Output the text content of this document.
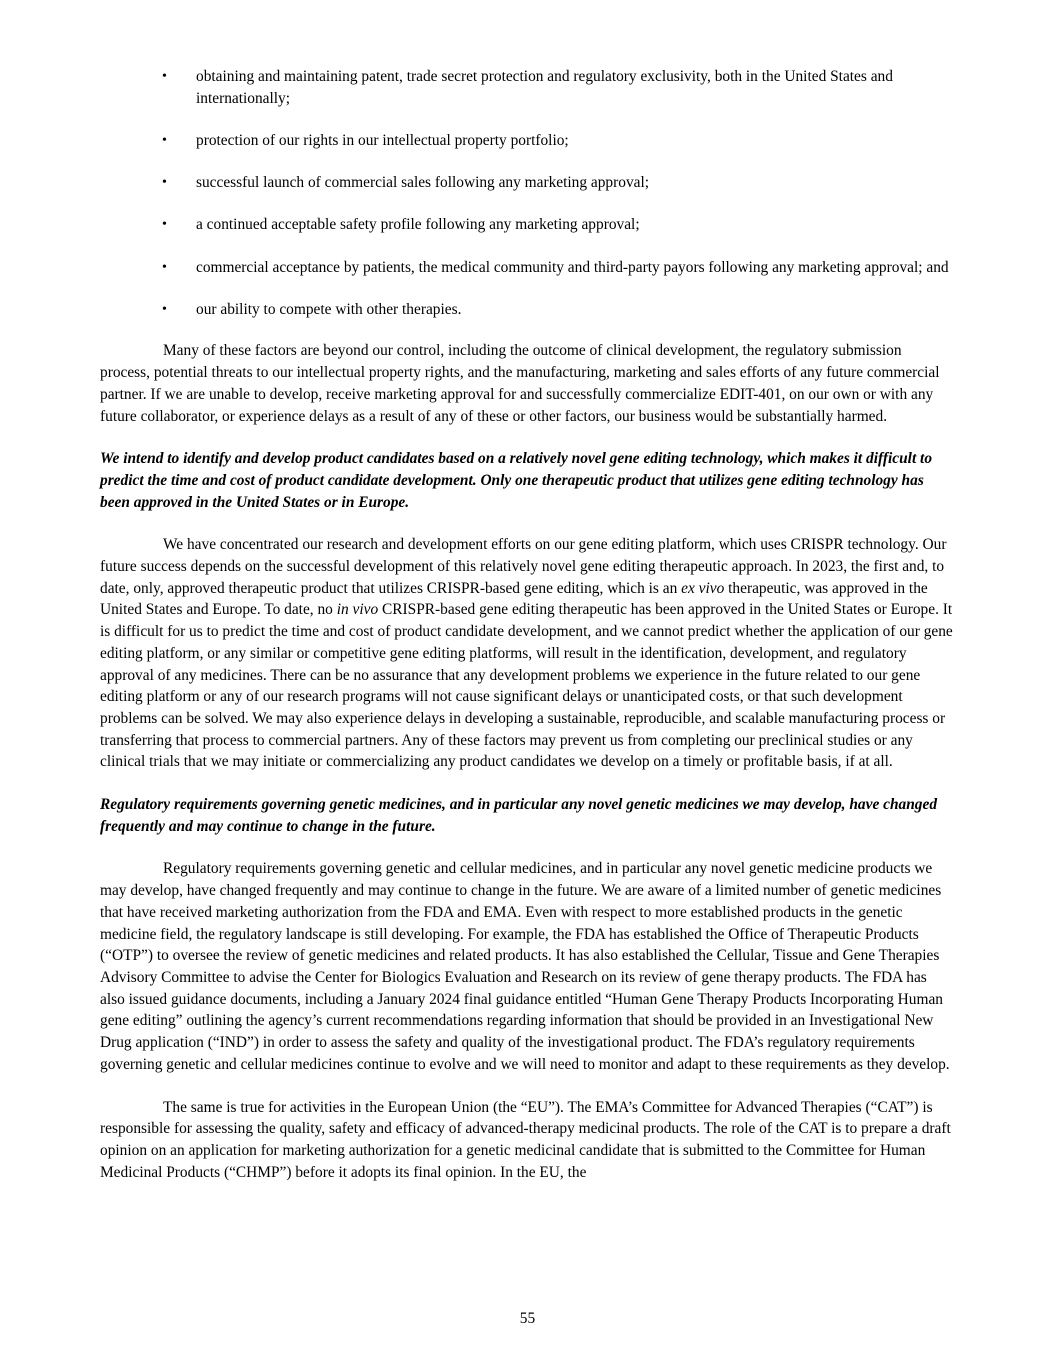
• obtaining and maintaining patent, trade secret protection and regulatory exclusivity, both in the United States and internationally;
• protection of our rights in our intellectual property portfolio;
• successful launch of commercial sales following any marketing approval;
• a continued acceptable safety profile following any marketing approval;
• commercial acceptance by patients, the medical community and third-party payors following any marketing approval; and
• our ability to compete with other therapies.

Many of these factors are beyond our control, including the outcome of clinical development, the regulatory submission process, potential threats to our intellectual property rights, and the manufacturing, marketing and sales efforts of any future commercial partner. If we are unable to develop, receive marketing approval for and successfully commercialize EDIT-401, on our own or with any future collaborator, or experience delays as a result of any of these or other factors, our business would be substantially harmed.

We intend to identify and develop product candidates based on a relatively novel gene editing technology, which makes it difficult to predict the time and cost of product candidate development. Only one therapeutic product that utilizes gene editing technology has been approved in the United States or in Europe.

We have concentrated our research and development efforts on our gene editing platform, which uses CRISPR technology. Our future success depends on the successful development of this relatively novel gene editing therapeutic approach. In 2023, the first and, to date, only, approved therapeutic product that utilizes CRISPR-based gene editing, which is an ex vivo therapeutic, was approved in the United States and Europe. To date, no in vivo CRISPR-based gene editing therapeutic has been approved in the United States or Europe. It is difficult for us to predict the time and cost of product candidate development, and we cannot predict whether the application of our gene editing platform, or any similar or competitive gene editing platforms, will result in the identification, development, and regulatory approval of any medicines. There can be no assurance that any development problems we experience in the future related to our gene editing platform or any of our research programs will not cause significant delays or unanticipated costs, or that such development problems can be solved. We may also experience delays in developing a sustainable, reproducible, and scalable manufacturing process or transferring that process to commercial partners. Any of these factors may prevent us from completing our preclinical studies or any clinical trials that we may initiate or commercializing any product candidates we develop on a timely or profitable basis, if at all.

Regulatory requirements governing genetic medicines, and in particular any novel genetic medicines we may develop, have changed frequently and may continue to change in the future.

Regulatory requirements governing genetic and cellular medicines, and in particular any novel genetic medicine products we may develop, have changed frequently and may continue to change in the future. We are aware of a limited number of genetic medicines that have received marketing authorization from the FDA and EMA. Even with respect to more established products in the genetic medicine field, the regulatory landscape is still developing. For example, the FDA has established the Office of Therapeutic Products (“OTP”) to oversee the review of genetic medicines and related products. It has also established the Cellular, Tissue and Gene Therapies Advisory Committee to advise the Center for Biologics Evaluation and Research on its review of gene therapy products. The FDA has also issued guidance documents, including a January 2024 final guidance entitled “Human Gene Therapy Products Incorporating Human gene editing” outlining the agency’s current recommendations regarding information that should be provided in an Investigational New Drug application (“IND”) in order to assess the safety and quality of the investigational product. The FDA’s regulatory requirements governing genetic and cellular medicines continue to evolve and we will need to monitor and adapt to these requirements as they develop.

The same is true for activities in the European Union (the “EU”). The EMA’s Committee for Advanced Therapies (“CAT”) is responsible for assessing the quality, safety and efficacy of advanced-therapy medicinal products. The role of the CAT is to prepare a draft opinion on an application for marketing authorization for a genetic medicinal candidate that is submitted to the Committee for Human Medicinal Products (“CHMP”) before it adopts its final opinion. In the EU, the

55
